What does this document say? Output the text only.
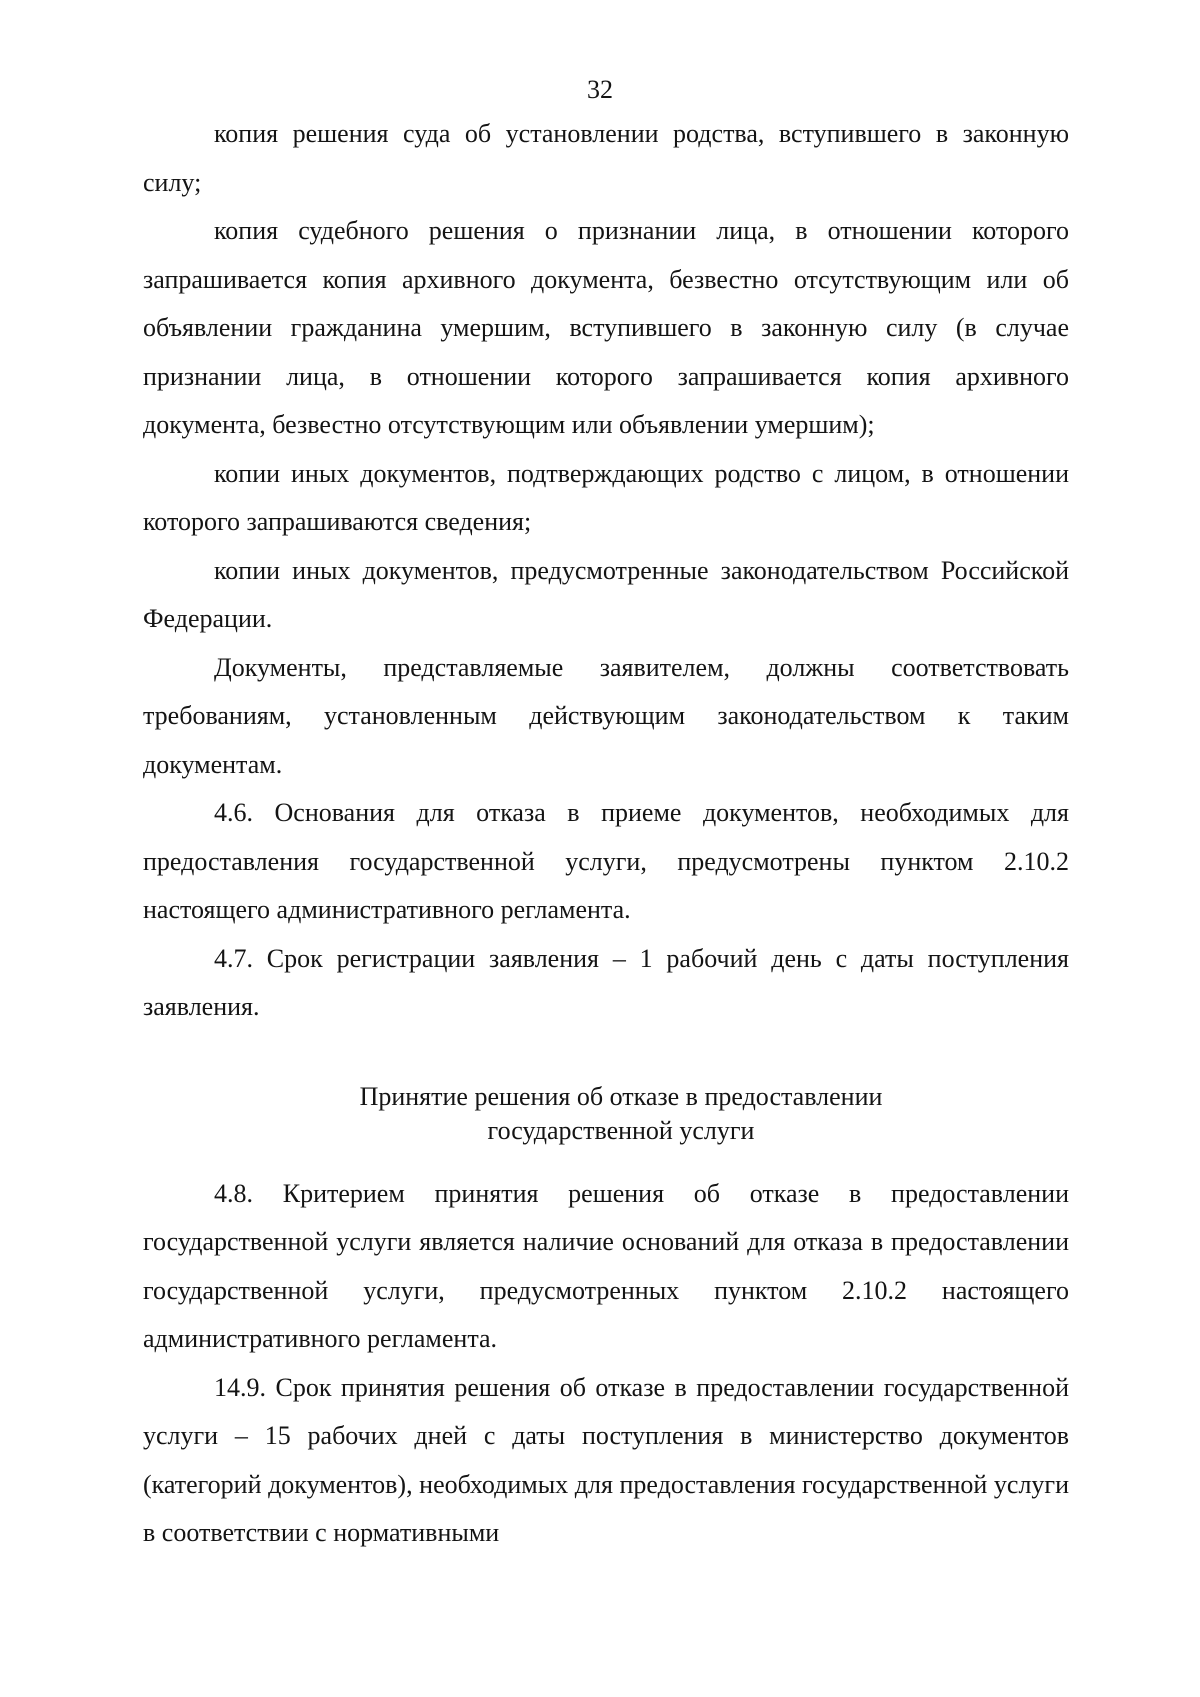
32

копия решения суда об установлении родства, вступившего в законную силу;

копия судебного решения о признании лица, в отношении которого запрашивается копия архивного документа, безвестно отсутствующим или об объявлении гражданина умершим, вступившего в законную силу (в случае признании лица, в отношении которого запрашивается копия архивного документа, безвестно отсутствующим или объявлении умершим);

копии иных документов, подтверждающих родство с лицом, в отношении которого запрашиваются сведения;

копии иных документов, предусмотренные законодательством Российской Федерации.

Документы, представляемые заявителем, должны соответствовать требованиям, установленным действующим законодательством к таким документам.

4.6. Основания для отказа в приеме документов, необходимых для предоставления государственной услуги, предусмотрены пунктом 2.10.2 настоящего административного регламента.

4.7. Срок регистрации заявления – 1 рабочий день с даты поступления заявления.

Принятие решения об отказе в предоставлении
государственной услуги

4.8. Критерием принятия решения об отказе в предоставлении государственной услуги является наличие оснований для отказа в предоставлении государственной услуги, предусмотренных пунктом 2.10.2 настоящего административного регламента.

14.9. Срок принятия решения об отказе в предоставлении государственной услуги – 15 рабочих дней с даты поступления в министерство документов (категорий документов), необходимых для предоставления государственной услуги в соответствии с нормативными
